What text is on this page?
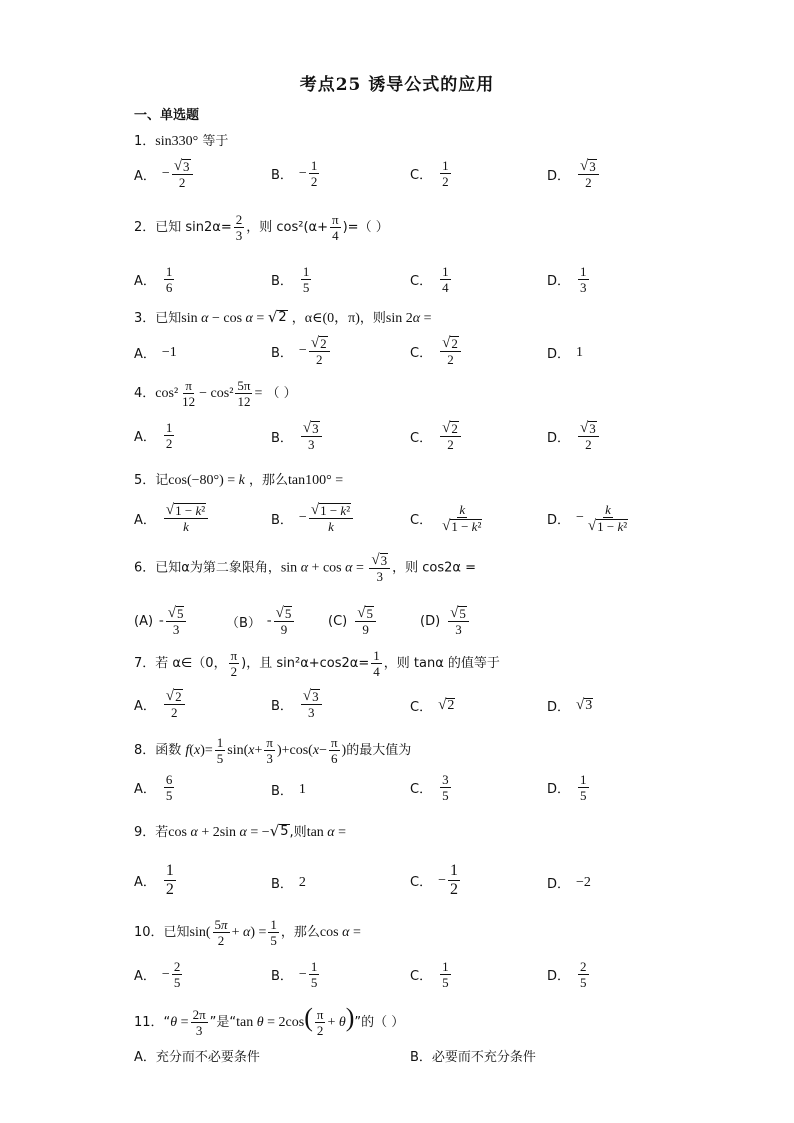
考点25 诱导公式的应用
一、单选题
1．sin330° 等于
A． − $\frac{√ 3}{2}$	B． − $\frac{1}{2}$	C． $\frac{1}{2}$	D． $\frac{√ 3}{2}$
2．已知 $\sin 2\alpha= \frac{2}{3}$ ，则 $\cos^2(\alpha+ \frac{\pi}{4}$ )=（ ）
A． $\frac{1}{6}$	B． $\frac{1}{5}$	C． $\frac{1}{4}$	D． $\frac{1}{3}$
3．已知sin α − cos α = √ 2 ，α∈(0，π)，则sin 2α =
A． −1	B． − $\frac{√ 2}{2}$	C． $\frac{√ 2}{2}$	D． 1
4．$\cos^2 \frac{\pi}{12} - \cos^2 \frac{5\pi}{12}$ = （ ）
A． $\frac{1}{2}$	B． $\frac{√ 3}{3}$	C． $\frac{√ 2}{2}$	D． $\frac{√ 3}{2}$
5．记cos(−80°) = k ，那么tan100° =
A． $\frac{\text{√ 1 − k²}}{k}$	B． − $\frac{\text{√ 1 − k²}}{k}$	C． $\frac{k}{\text{√ 1 − k²}}$	D． − $\frac{k}{\text{√ 1 − k²}}$
6．已知α为第二象限角，$\sin \alpha + \cos \alpha = \frac{√ 3}{3}$ ，则 cos2α =
$(A) - \frac{√ 5}{3}$	$(B) - \frac{√ 5}{9}$	$(C) \frac{√ 5}{9}$	$(D) \frac{√ 5}{3}$
7．若 α∈（0， $\frac{\pi}{2}$ )，且 $\sin^2\alpha+\cos 2\alpha= \frac{1}{4}$ ，则 tanα 的值等于
A． $\frac{√ 2}{2}$	B． $\frac{√ 3}{3}$	C． √ 2	D． √ 3
8．函数 $f(x)= \frac{1}{5} \sin(x+ \frac{\pi}{3} )+\cos(x- \frac{\pi}{6}$ )的最大值为
A． $\frac{6}{5}$	B． 1	C． $\frac{3}{5}$	D． $\frac{1}{5}$
9．若cos α + 2sin α = − √ 5 ,则tan α =
A． $\frac{1}{2}$	B． 2	C． − $\frac{1}{2}$	D． −2
10．已知$\sin( \frac{5\pi}{2} + \alpha) = \frac{1}{5}$ ，那么cos α =
A． − $\frac{2}{5}$	B． − $\frac{1}{5}$	C． $\frac{1}{5}$	D． $\frac{2}{5}$
11．“$\theta = \frac{2\pi}{3}$ ”是“tan $\theta = 2\cos( \frac{\pi}{2} + \theta)$”的（ ）
A．充分而不必要条件	B．必要而不充分条件
